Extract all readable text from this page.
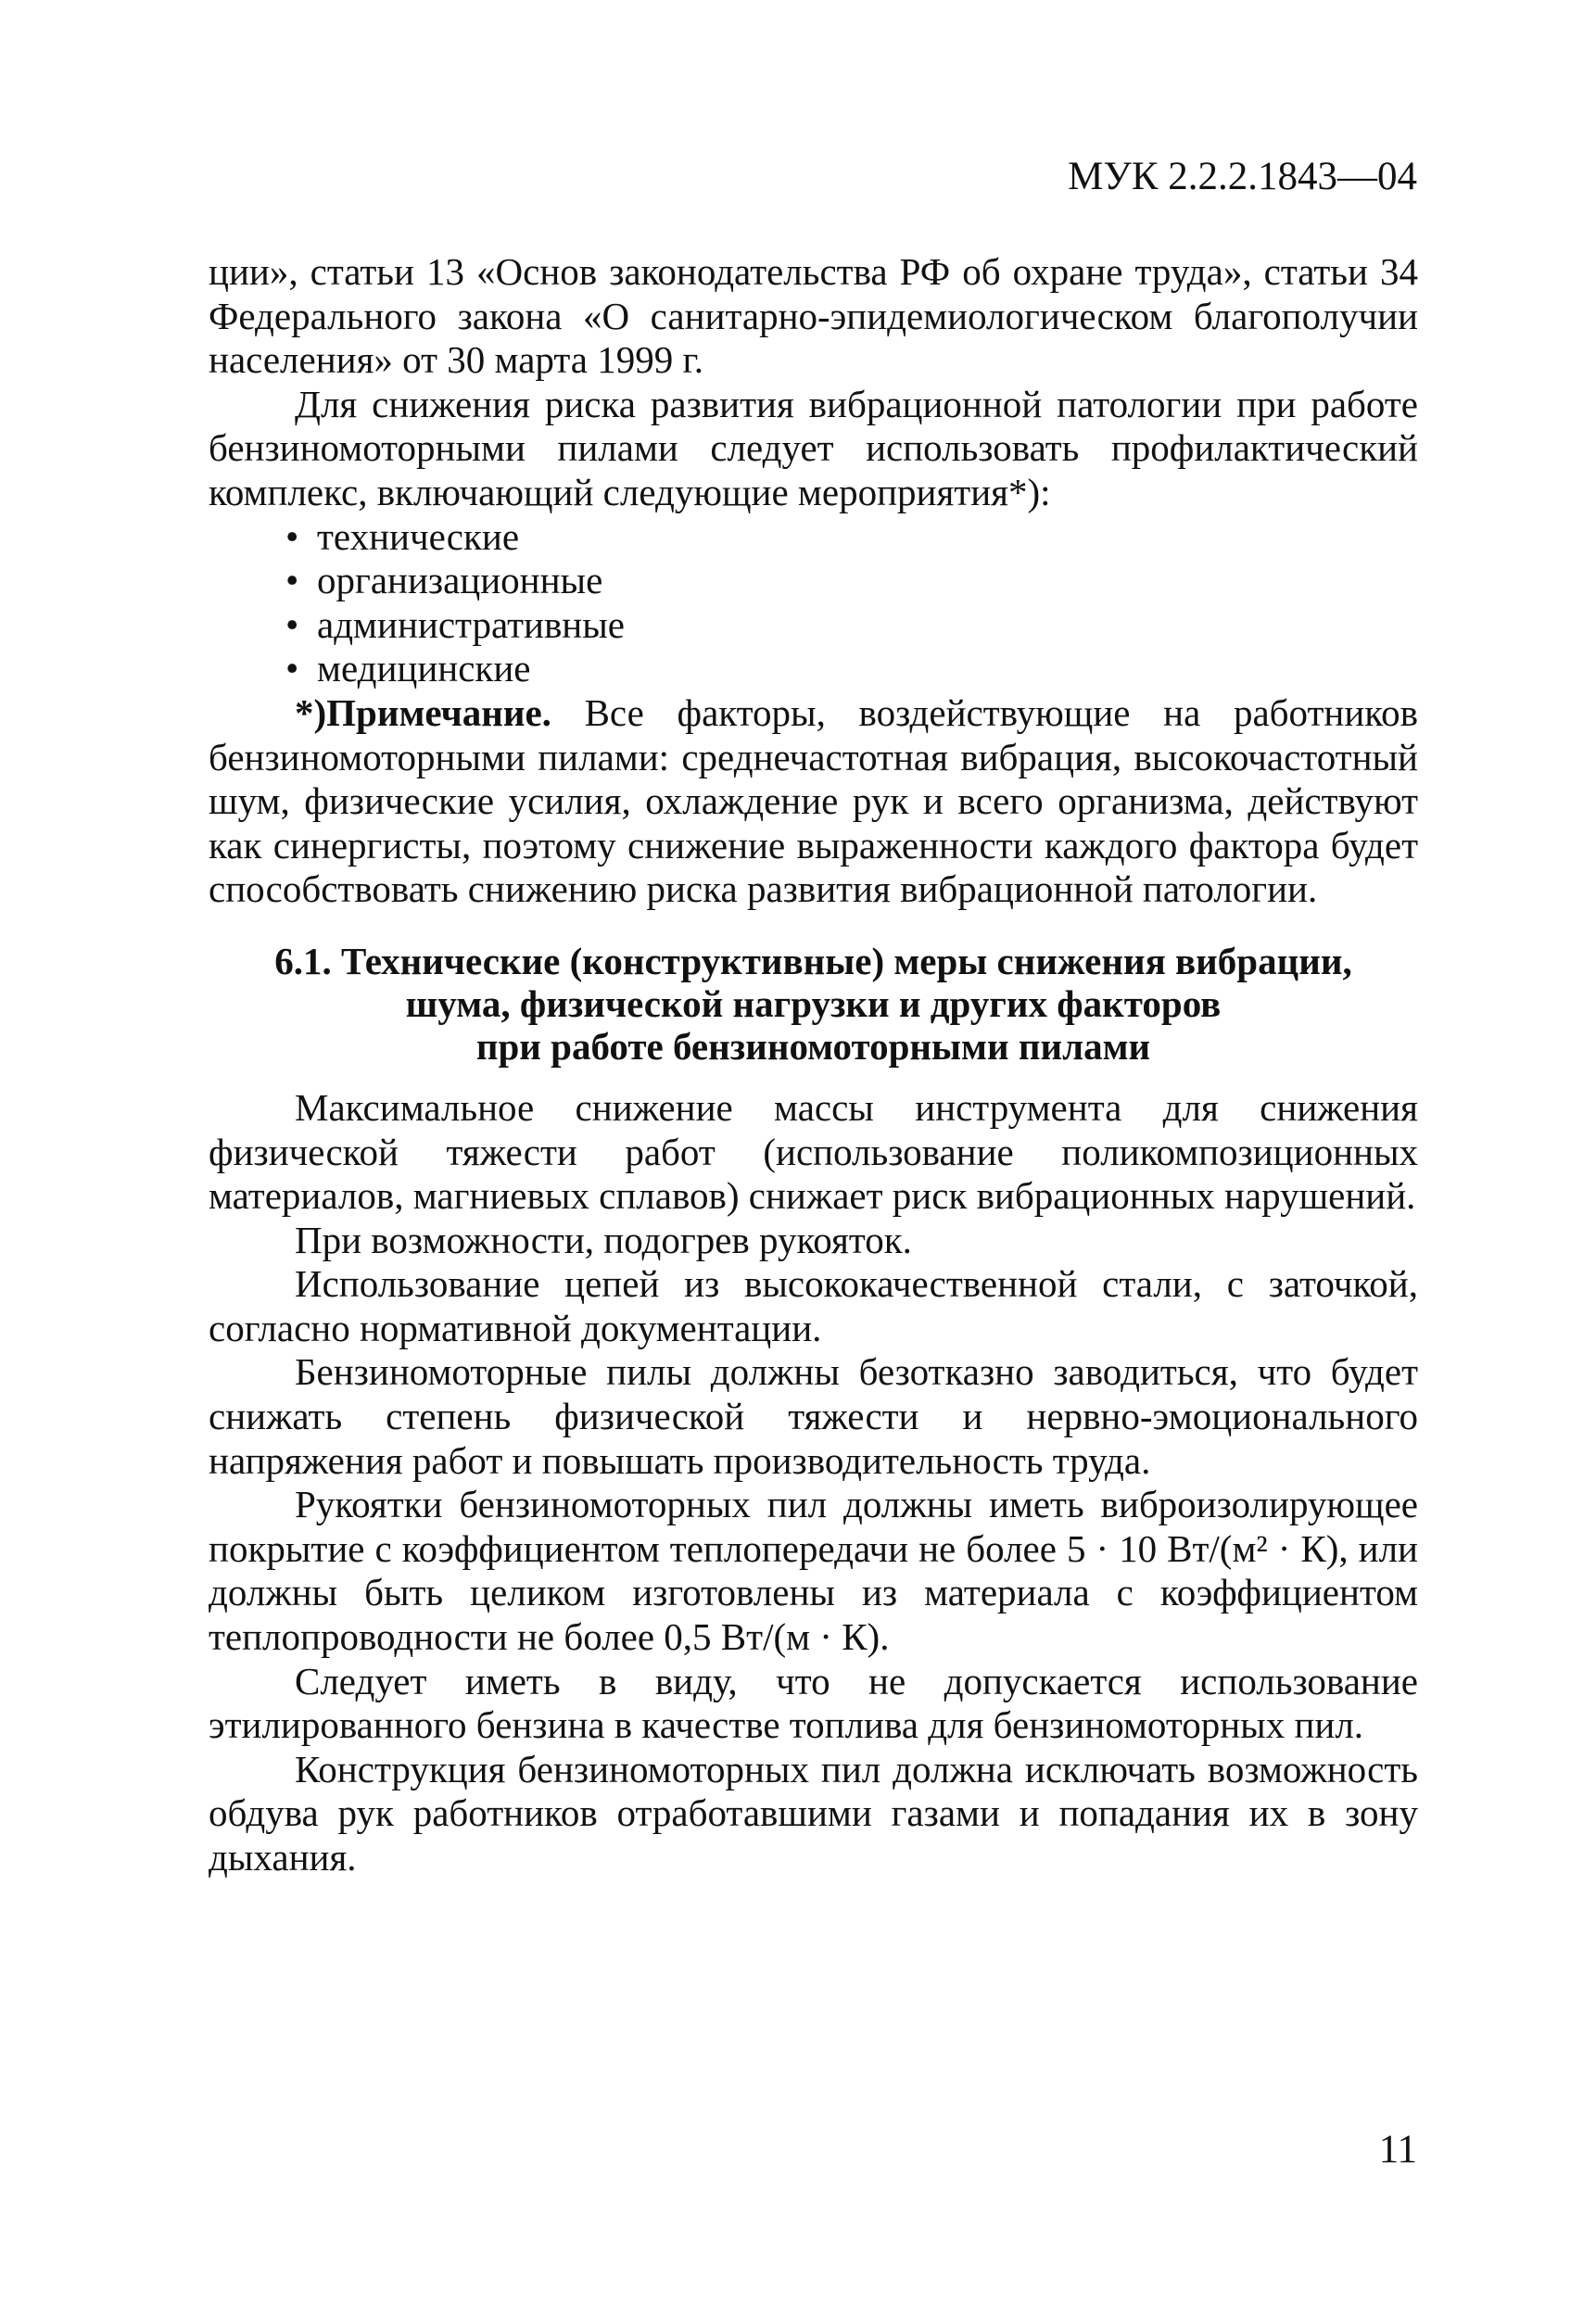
МУК 2.2.2.1843—04

ции», статьи 13 «Основ законодательства РФ об охране труда», статьи 34 Федерального закона «О санитарно-эпидемиологическом благополучии населения» от 30 марта 1999 г.

Для снижения риска развития вибрационной патологии при работе бензиномоторными пилами следует использовать профилактический комплекс, включающий следующие мероприятия*):

• технические
• организационные
• административные
• медицинские

*)Примечание. Все факторы, воздействующие на работников бензиномоторными пилами: среднечастотная вибрация, высокочастотный шум, физические усилия, охлаждение рук и всего организма, действуют как синергисты, поэтому снижение выраженности каждого фактора будет способствовать снижению риска развития вибрационной патологии.

6.1. Технические (конструктивные) меры снижения вибрации,
шума, физической нагрузки и других факторов
при работе бензиномоторными пилами

Максимальное снижение массы инструмента для снижения физической тяжести работ (использование поликомпозиционных материалов, магниевых сплавов) снижает риск вибрационных нарушений.

При возможности, подогрев рукояток.

Использование цепей из высококачественной стали, с заточкой, согласно нормативной документации.

Бензиномоторные пилы должны безотказно заводиться, что будет снижать степень физической тяжести и нервно-эмоционального напряжения работ и повышать производительность труда.

Рукоятки бензиномоторных пил должны иметь виброизолирующее покрытие с коэффициентом теплопередачи не более 5 · 10 Вт/(м² · К), или должны быть целиком изготовлены из материала с коэффициентом теплопроводности не более 0,5 Вт/(м · К).

Следует иметь в виду, что не допускается использование этилированного бензина в качестве топлива для бензиномоторных пил.

Конструкция бензиномоторных пил должна исключать возможность обдува рук работников отработавшими газами и попадания их в зону дыхания.

11
